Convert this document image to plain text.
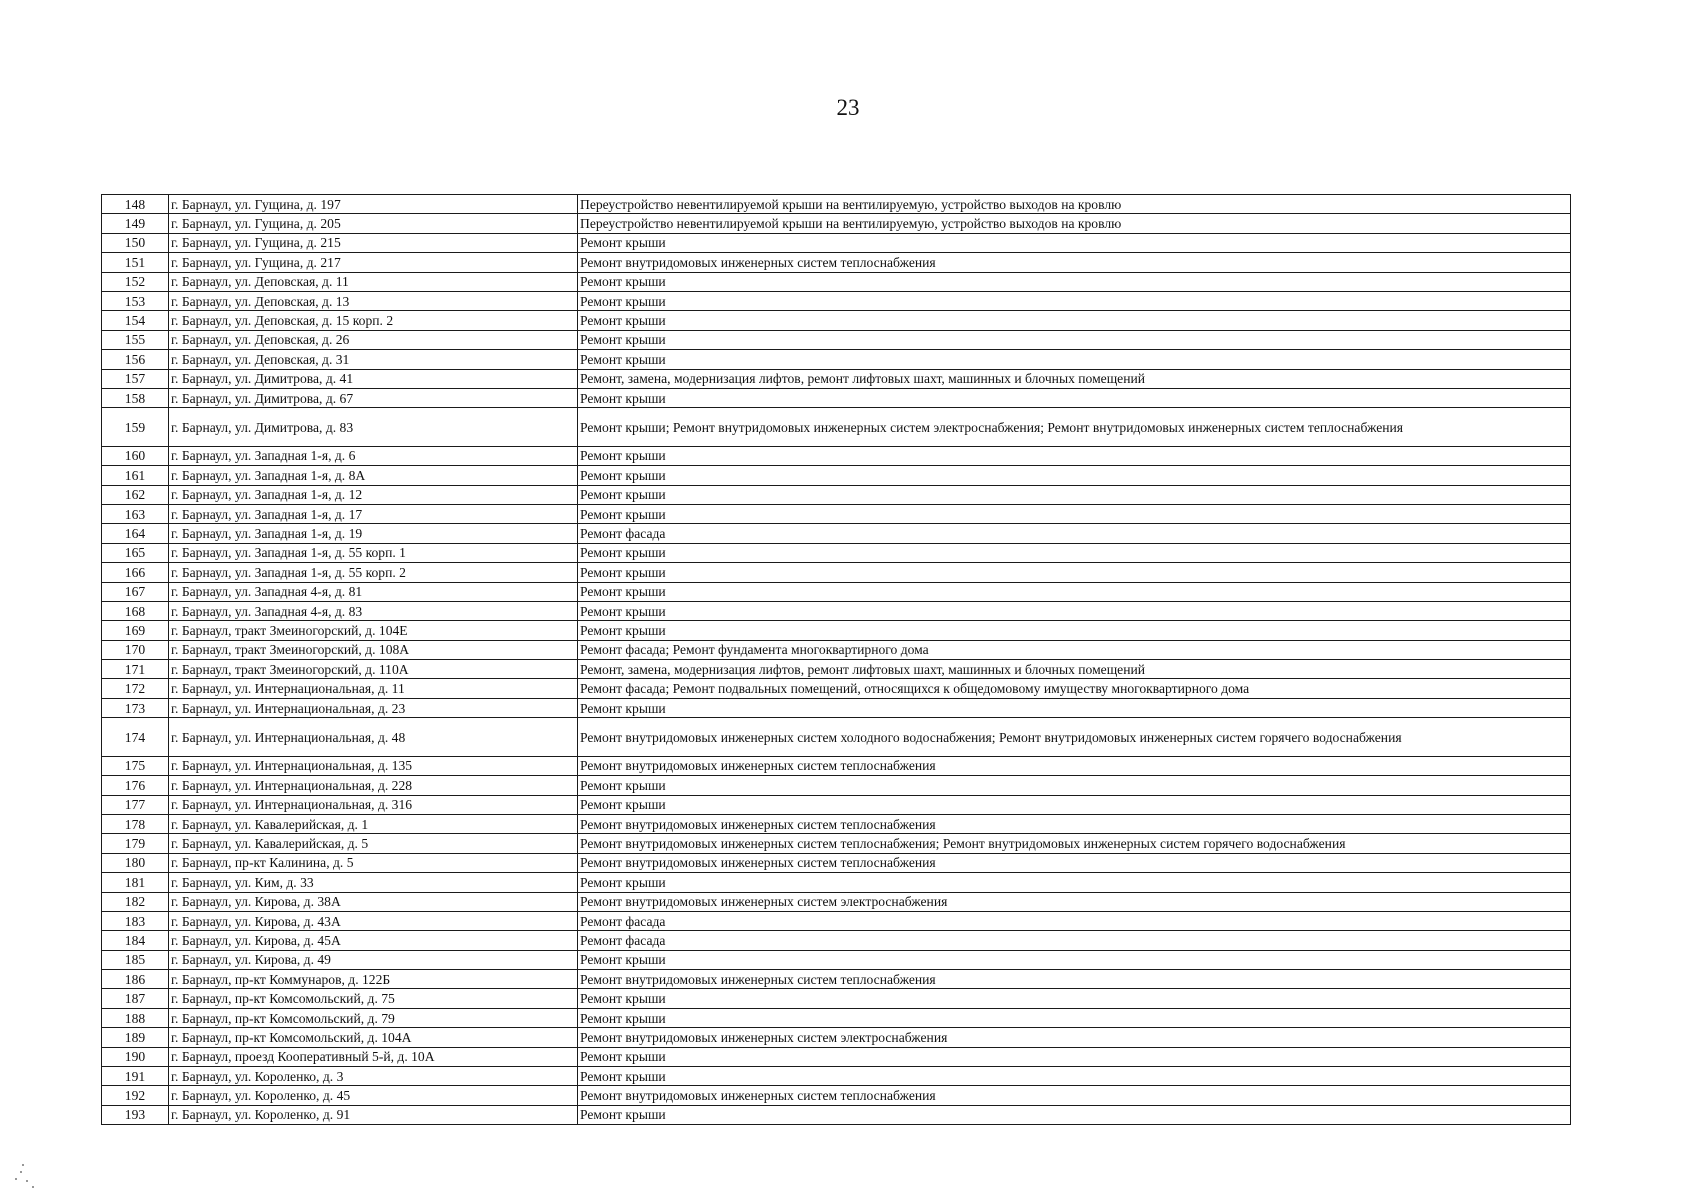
23
148	г. Барнаул, ул. Гущина, д. 197	Переустройство невентилируемой крыши на вентилируемую, устройство выходов на кровлю
149	г. Барнаул, ул. Гущина, д. 205	Переустройство невентилируемой крыши на вентилируемую, устройство выходов на кровлю
150	г. Барнаул, ул. Гущина, д. 215	Ремонт крыши
151	г. Барнаул, ул. Гущина, д. 217	Ремонт внутридомовых инженерных систем теплоснабжения
152	г. Барнаул, ул. Деповская, д. 11	Ремонт крыши
153	г. Барнаул, ул. Деповская, д. 13	Ремонт крыши
154	г. Барнаул, ул. Деповская, д. 15 корп. 2	Ремонт крыши
155	г. Барнаул, ул. Деповская, д. 26	Ремонт крыши
156	г. Барнаул, ул. Деповская, д. 31	Ремонт крыши
157	г. Барнаул, ул. Димитрова, д. 41	Ремонт, замена, модернизация лифтов, ремонт лифтовых шахт, машинных и блочных помещений
158	г. Барнаул, ул. Димитрова, д. 67	Ремонт крыши
159	г. Барнаул, ул. Димитрова, д. 83	Ремонт крыши; Ремонт внутридомовых инженерных систем электроснабжения; Ремонт внутридомовых инженерных систем теплоснабжения
160	г. Барнаул, ул. Западная 1-я, д. 6	Ремонт крыши
161	г. Барнаул, ул. Западная 1-я, д. 8А	Ремонт крыши
162	г. Барнаул, ул. Западная 1-я, д. 12	Ремонт крыши
163	г. Барнаул, ул. Западная 1-я, д. 17	Ремонт крыши
164	г. Барнаул, ул. Западная 1-я, д. 19	Ремонт фасада
165	г. Барнаул, ул. Западная 1-я, д. 55 корп. 1	Ремонт крыши
166	г. Барнаул, ул. Западная 1-я, д. 55 корп. 2	Ремонт крыши
167	г. Барнаул, ул. Западная 4-я, д. 81	Ремонт крыши
168	г. Барнаул, ул. Западная 4-я, д. 83	Ремонт крыши
169	г. Барнаул, тракт Змеиногорский, д. 104Е	Ремонт крыши
170	г. Барнаул, тракт Змеиногорский, д. 108А	Ремонт фасада; Ремонт фундамента многоквартирного дома
171	г. Барнаул, тракт Змеиногорский, д. 110А	Ремонт, замена, модернизация лифтов, ремонт лифтовых шахт, машинных и блочных помещений
172	г. Барнаул, ул. Интернациональная, д. 11	Ремонт фасада; Ремонт подвальных помещений, относящихся к общедомовому имуществу многоквартирного дома
173	г. Барнаул, ул. Интернациональная, д. 23	Ремонт крыши
174	г. Барнаул, ул. Интернациональная, д. 48	Ремонт внутридомовых инженерных систем холодного водоснабжения; Ремонт внутридомовых инженерных систем горячего водоснабжения
175	г. Барнаул, ул. Интернациональная, д. 135	Ремонт внутридомовых инженерных систем теплоснабжения
176	г. Барнаул, ул. Интернациональная, д. 228	Ремонт крыши
177	г. Барнаул, ул. Интернациональная, д. 316	Ремонт крыши
178	г. Барнаул, ул. Кавалерийская, д. 1	Ремонт внутридомовых инженерных систем теплоснабжения
179	г. Барнаул, ул. Кавалерийская, д. 5	Ремонт внутридомовых инженерных систем теплоснабжения; Ремонт внутридомовых инженерных систем горячего водоснабжения
180	г. Барнаул, пр-кт Калинина, д. 5	Ремонт внутридомовых инженерных систем теплоснабжения
181	г. Барнаул, ул. Ким, д. 33	Ремонт крыши
182	г. Барнаул, ул. Кирова, д. 38А	Ремонт внутридомовых инженерных систем электроснабжения
183	г. Барнаул, ул. Кирова, д. 43А	Ремонт фасада
184	г. Барнаул, ул. Кирова, д. 45А	Ремонт фасада
185	г. Барнаул, ул. Кирова, д. 49	Ремонт крыши
186	г. Барнаул, пр-кт Коммунаров, д. 122Б	Ремонт внутридомовых инженерных систем теплоснабжения
187	г. Барнаул, пр-кт Комсомольский, д. 75	Ремонт крыши
188	г. Барнаул, пр-кт Комсомольский, д. 79	Ремонт крыши
189	г. Барнаул, пр-кт Комсомольский, д. 104А	Ремонт внутридомовых инженерных систем электроснабжения
190	г. Барнаул, проезд Кооперативный 5-й, д. 10А	Ремонт крыши
191	г. Барнаул, ул. Короленко, д. 3	Ремонт крыши
192	г. Барнаул, ул. Короленко, д. 45	Ремонт внутридомовых инженерных систем теплоснабжения
193	г. Барнаул, ул. Короленко, д. 91	Ремонт крыши
